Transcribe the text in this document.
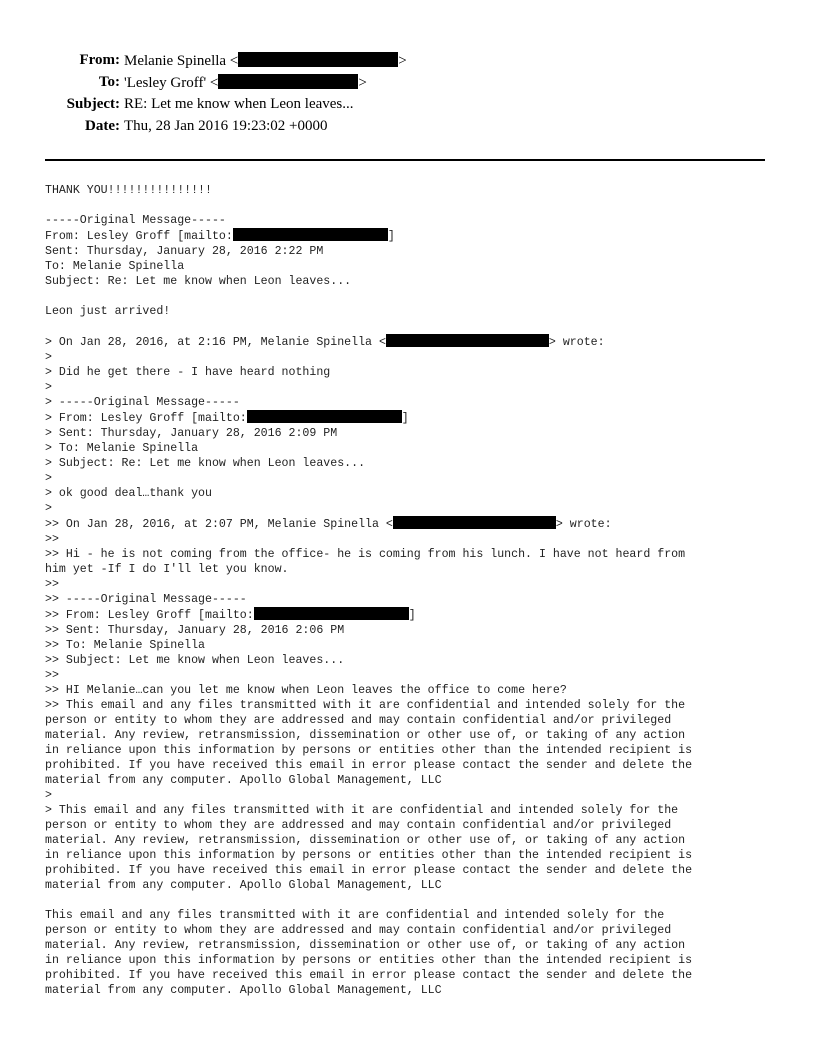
From: Melanie Spinella <	>
To: 'Lesley Groff' <	>
Subject: RE: Let me know when Leon leaves...
Date: Thu, 28 Jan 2016 19:23:02 +0000
THANK YOU!!!!!!!!!!!!!!!

-----Original Message-----
From: Lesley Groff [mailto:	]
Sent: Thursday, January 28, 2016 2:22 PM
To: Melanie Spinella
Subject: Re: Let me know when Leon leaves...

Leon just arrived!

> On Jan 28, 2016, at 2:16 PM, Melanie Spinella <	> wrote:
>
> Did he get there - I have heard nothing
>
> -----Original Message-----
> From: Lesley Groff [mailto:	]
> Sent: Thursday, January 28, 2016 2:09 PM
> To: Melanie Spinella
> Subject: Re: Let me know when Leon leaves...
>
> ok good deal…thank you
>
>> On Jan 28, 2016, at 2:07 PM, Melanie Spinella <	> wrote:
>>
>> Hi - he is not coming from the office- he is coming from his lunch. I have not heard from
him yet -If I do I'll let you know.
>>
>> -----Original Message-----
>> From: Lesley Groff [mailto:	]
>> Sent: Thursday, January 28, 2016 2:06 PM
>> To: Melanie Spinella
>> Subject: Let me know when Leon leaves...
>>
>> HI Melanie…can you let me know when Leon leaves the office to come here?
>> This email and any files transmitted with it are confidential and intended solely for the
person or entity to whom they are addressed and may contain confidential and/or privileged
material. Any review, retransmission, dissemination or other use of, or taking of any action
in reliance upon this information by persons or entities other than the intended recipient is
prohibited. If you have received this email in error please contact the sender and delete the
material from any computer. Apollo Global Management, LLC
>
> This email and any files transmitted with it are confidential and intended solely for the
person or entity to whom they are addressed and may contain confidential and/or privileged
material. Any review, retransmission, dissemination or other use of, or taking of any action
in reliance upon this information by persons or entities other than the intended recipient is
prohibited. If you have received this email in error please contact the sender and delete the
material from any computer. Apollo Global Management, LLC

This email and any files transmitted with it are confidential and intended solely for the
person or entity to whom they are addressed and may contain confidential and/or privileged
material. Any review, retransmission, dissemination or other use of, or taking of any action
in reliance upon this information by persons or entities other than the intended recipient is
prohibited. If you have received this email in error please contact the sender and delete the
material from any computer. Apollo Global Management, LLC
